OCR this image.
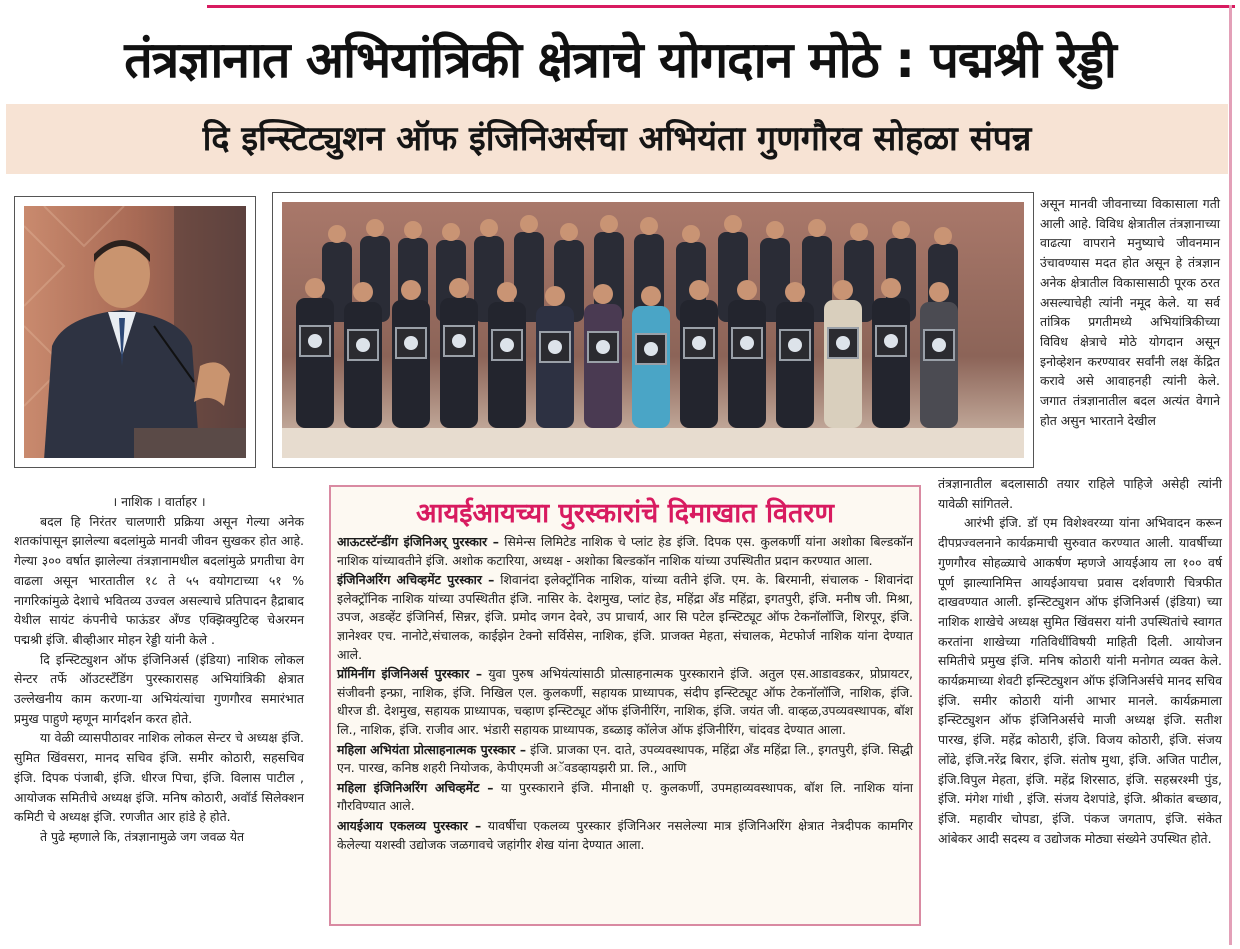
तंत्रज्ञानात अभियांत्रिकी क्षेत्राचे योगदान मोठे : पद्मश्री रेड्डी
दि इन्स्टिट्युशन ऑफ इंजिनिअर्सचा अभियंता गुणगौरव सोहळा संपन्न
असून मानवी जीवनाच्या विकासाला गती आली आहे. विविध क्षेत्रातील तंत्रज्ञानाच्या वाढत्या वापराने मनुष्याचे जीवनमान उंचावण्यास मदत होत असून हे तंत्रज्ञान अनेक क्षेत्रातील विकासासाठी पूरक ठरत असल्याचेही त्यांनी नमूद केले. या सर्व तांत्रिक प्रगतीमध्ये अभियांत्रिकीच्या विविध क्षेत्राचे मोठे योगदान असून इनोव्हेशन करण्यावर सर्वांनी लक्ष केंद्रित करावे असे आवाहनही त्यांनी केले. जगात तंत्रज्ञानातील बदल अत्यंत वेगाने होत असुन भारताने देखील

। नाशिक । वार्ताहर ।

बदल हि निरंतर चालणारी प्रक्रिया असून गेल्या अनेक शतकांपासून झालेल्या बदलांमुळे मानवी जीवन सुखकर होत आहे. गेल्या ३०० वर्षात झालेल्या तंत्रज्ञानामधील बदलांमुळे प्रगतीचा वेग वाढला असून भारतातील १८ ते ५५ वयोगटाच्या ५१ % नागरिकांमुळे देशाचे भवितव्य उज्वल असल्याचे प्रतिपादन हैद्राबाद येथील सायंट कंपनीचे फाऊंडर अँण्ड एक्झिक्युटिव्ह चेअरमन पद्मश्री इंजि. बीव्हीआर मोहन रेड्डी यांनी केले .

दि इन्स्टिट्युशन ऑफ इंजिनिअर्स (इंडिया) नाशिक लोकल सेन्टर तर्फे ऑउटस्टॅंडिंग पुरस्कारासह अभियांत्रिकी क्षेत्रात उल्लेखनीय काम करणा-या अभियंत्यांचा गुणगौरव समारंभात प्रमुख पाहुणे म्हणून मार्गदर्शन करत होते.

या वेळी व्यासपीठावर नाशिक लोकल सेन्टर चे अध्यक्ष इंजि. सुमित खिंवसरा, मानद सचिव इंजि. समीर कोठारी, सहसचिव इंजि. दिपक पंजाबी, इंजि. धीरज पिचा, इंजि. विलास पाटील , आयोजक समितीचे अध्यक्ष इंजि. मनिष कोठारी, अवॉर्ड सिलेक्शन कमिटी चे अध्यक्ष इंजि. रणजीत आर हांडे हे होते.

ते पुढे म्हणाले कि, तंत्रज्ञानामुळे जग जवळ येत

आयईआयच्या पुरस्कारांचे दिमाखात वितरण

आऊटस्टॅन्डींग इंजिनिअर् पुरस्कार – सिमेन्स लिमिटेड नाशिक चे प्लांट हेड इंजि. दिपक एस. कुलकर्णी यांना अशोका बिल्डकॉन नाशिक यांच्यावतीने इंजि. अशोक कटारिया, अध्यक्ष - अशोका बिल्डकॉन नाशिक यांच्या उपस्थितीत प्रदान करण्यात आला.

इंजिनिअरिंग अचिव्हमेंट पुरस्कार – शिवानंदा इलेक्ट्रॉनिक नाशिक, यांच्या वतीने इंजि. एम. के. बिरमानी, संचालक - शिवानंदा इलेक्ट्रॉनिक नाशिक यांच्या उपस्थितीत इंजि. नासिर के. देशमुख, प्लांट हेड, महिंद्रा अँड महिंद्रा, इगतपुरी, इंजि. मनीष जी. मिश्रा, उपज, अडव्हेंट इंजिनिर्स, सिन्नर, इंजि. प्रमोद जगन देवरे, उप प्राचार्य, आर सि पटेल इन्स्टिट्यूट ऑफ टेकनॉलॉजि, शिरपूर, इंजि. ज्ञानेश्वर एच. नानोटे,संचालक, काईझेन टेक्नो सर्विसेस, नाशिक, इंजि. प्राजक्त मेहता, संचालक, मेटफोर्ज नाशिक यांना देण्यात आले.

प्रॉमिनींग इंजिनिअर्स पुरस्कार – युवा पुरुष अभियंत्यांसाठी प्रोत्साहनात्मक पुरस्काराने इंजि. अतुल एस.आडावडकर, प्रोप्रायटर, संजीवनी इन्फ्रा, नाशिक, इंजि. निखिल एल. कुलकर्णी, सहायक प्राध्यापक, संदीप इन्स्टिट्यूट ऑफ टेकनॉलॉजि, नाशिक, इंजि. धीरज डी. देशमुख, सहायक प्राध्यापक, चव्हाण इन्स्टिट्यूट ऑफ इंजिनीरिंग, नाशिक, इंजि. जयंत जी. वाव्हळ,उपव्यवस्थापक, बॉश लि., नाशिक, इंजि. राजीव आर. भंडारी सहायक प्राध्यापक, डब्ळाइ कॉलेज ऑफ इंजिनीरिंग, चांदवड देण्यात आला.

महिला अभियंता प्रोत्साहनात्मक पुरस्कार – इंजि. प्राजका एन. दाते, उपव्यवस्थापक, महिंद्रा अँड महिंद्रा लि., इगतपुरी, इंजि. सिद्धी एन. पारख, कनिष्ठ शहरी नियोजक, केपीएमजी अॅवडव्हायझरी प्रा. लि., आणि

महिला इंजिनिअरिंग अचिव्हमेंट – या पुरस्काराने इंजि. मीनाक्षी ए. कुलकर्णी, उपमहाव्यवस्थापक, बॉश लि. नाशिक यांना गौरविण्यात आले.

आयईआय एकलव्य पुरस्कार – यावर्षीचा एकलव्य पुरस्कार इंजिनिअर नसलेल्या मात्र इंजिनिअरिंग क्षेत्रात नेत्रदीपक कामगिर केलेल्या यशस्वी उद्योजक जळगावचे जहांगीर शेख यांना देण्यात आला.

तंत्रज्ञानातील बदलासाठी तयार राहिले पाहिजे असेही त्यांनी यावेळी सांगितले.

आरंभी इंजि. डॉ एम विशेश्वरय्या यांना अभिवादन करून दीपप्रज्वलनाने कार्यक्रमाची सुरुवात करण्यात आली. यावर्षीच्या गुणगौरव सोहळ्याचे आकर्षण म्हणजे आयईआय ला १०० वर्ष पूर्ण झाल्यानिमित्त आयईआयचा प्रवास दर्शवणारी चित्रफीत दाखवण्यात आली. इन्स्टिट्युशन ऑफ इंजिनिअर्स (इंडिया) च्या नाशिक शाखेचे अध्यक्ष सुमित खिंवसरा यांनी उपस्थितांचे स्वागत करतांना शाखेच्या गतिविधींविषयी माहिती दिली. आयोजन समितीचे प्रमुख इंजि. मनिष कोठारी यांनी मनोगत व्यक्त केले. कार्यक्रमाच्या शेवटी इन्स्टिट्युशन ऑफ इंजिनिअर्सचे मानद सचिव इंजि. समीर कोठारी यांनी आभार मानले. कार्यक्रमाला इन्स्टिट्युशन ऑफ इंजिनिअर्सचे माजी अध्यक्ष इंजि. सतीश पारख, इंजि. महेंद्र कोठारी, इंजि. विजय कोठारी, इंजि. संजय लोंढे, इंजि.नरेंद्र बिरार, इंजि. संतोष मुथा, इंजि. अजित पाटील, इंजि.विपुल मेहता, इंजि. महेंद्र शिरसाठ, इंजि. सहस्ररश्मी पुंड, इंजि. मंगेश गांधी , इंजि. संजय देशपांडे, इंजि. श्रीकांत बच्छाव, इंजि. महावीर चोपडा, इंजि. पंकज जगताप, इंजि. संकेत आंबेकर आदी सदस्य व उद्योजक मोठ्या संख्येने उपस्थित होते.
